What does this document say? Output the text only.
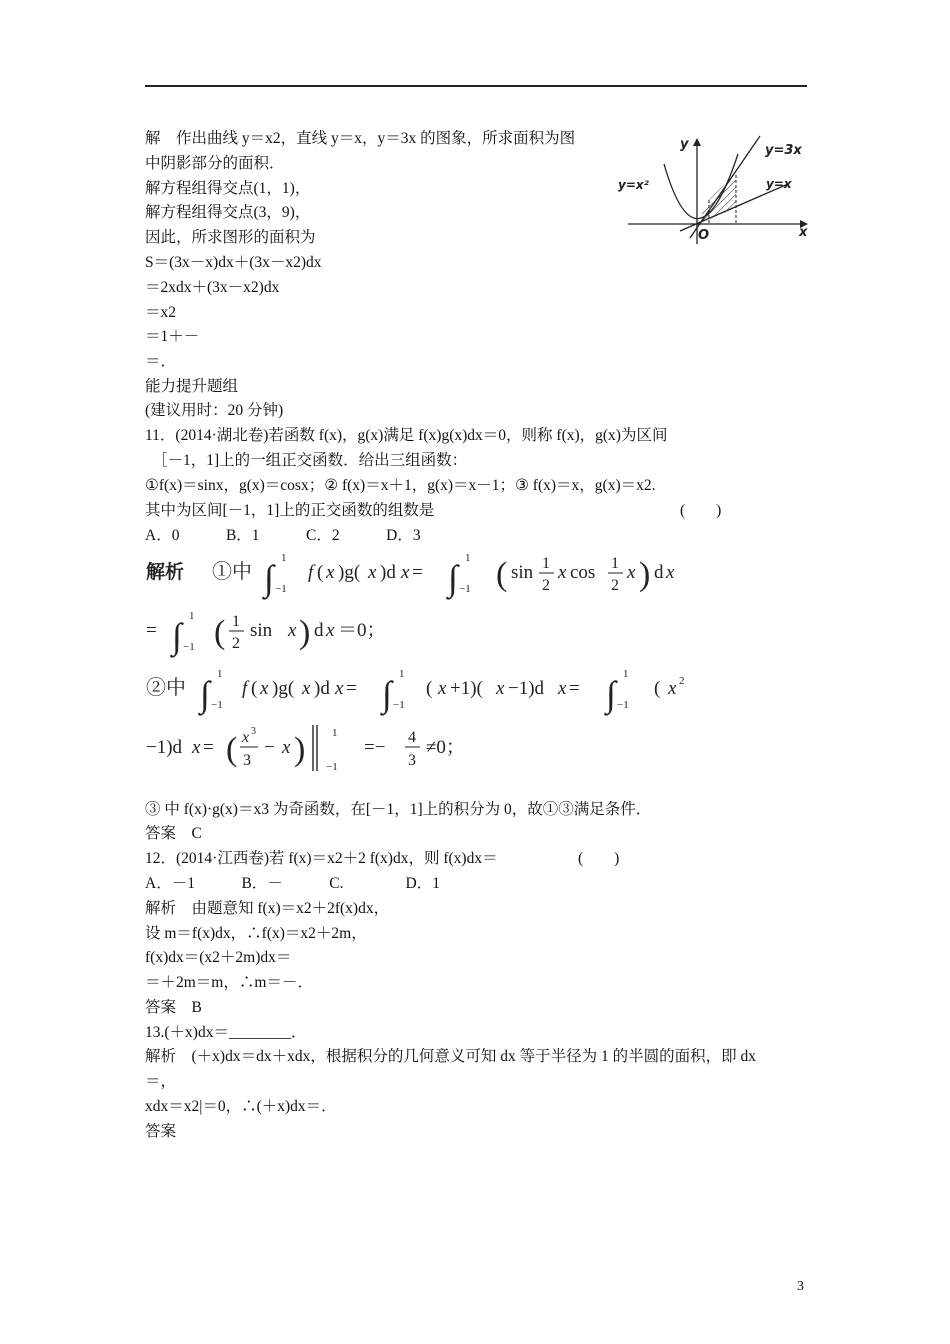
解　作出曲线 y＝x2，直线 y＝x，y＝3x 的图象，所求面积为图
中阴影部分的面积．
解方程组得交点(1，1)，
解方程组得交点(3，9)，
因此，所求图形的面积为
S＝(3x－x)dx＋(3x－x2)dx
＝2xdx＋(3x－x2)dx
＝x2
＝1＋－
＝．
能力提升题组
(建议用时：20 分钟)
y
x
O
y=3x
y=x
y=x²
11．(2014·湖北卷)若函数 f(x)，g(x)满足 f(x)g(x)dx＝0，则称 f(x)，g(x)为区间
［－1，1]上的一组正交函数．给出三组函数：
①f(x)＝sinx，g(x)＝cosx；② f(x)＝x＋1，g(x)＝x－1；③ f(x)＝x，g(x)＝x2.
其中为区间[－1，1]上的正交函数的组数是	(　　)
A．0　　　B．1　　　C．2　　　D．3
解析 ①中 ∫ 1
−1
f ( x )g( x )d x = ∫ 1
−1 ( sin 1
2
x cos 1
2
x ) d x
= ∫ 1
−1 ( 1
2
sin x ) d x ＝0；
②中 ∫ 1
−1
f ( x )g( x )d x = ∫ 1
−1
( x +1)( x −1)d x = ∫ 1
−1
( x 2
−1)d x = ( x 3
3
− x ) 1
−1
=− 4
3
≠0；
③ 中 f(x)·g(x)＝x3 为奇函数，在[－1，1]上的积分为 0，故①③满足条件．
答案　C
12．(2014·江西卷)若 f(x)＝x2＋2 f(x)dx，则 f(x)dx＝	(　　)
A．－1　　　B．－　　　C.　　　　D．1
解析　由题意知 f(x)＝x2＋2f(x)dx，
设 m＝f(x)dx，∴f(x)＝x2＋2m，
f(x)dx＝(x2＋2m)dx＝
＝＋2m＝m，∴m＝－．
答案　B
13.(＋x)dx＝________．
解析　(＋x)dx＝dx＋xdx，根据积分的几何意义可知 dx 等于半径为 1 的半圆的面积，即 dx
＝，
xdx＝x2|＝0，∴(＋x)dx＝．
答案
3
